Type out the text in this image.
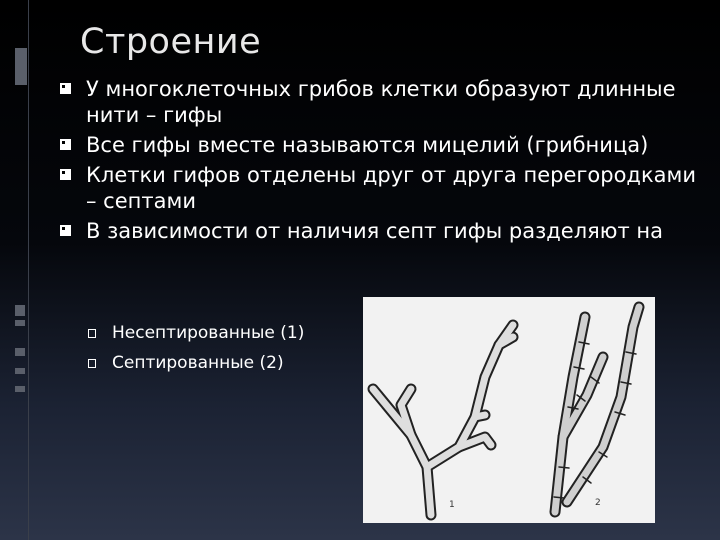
Строение
У многоклеточных грибов клетки образуют длинные нити – гифы
Все гифы вместе называются мицелий (грибница)
Клетки гифов отделены друг от друга перегородками – септами
В зависимости от наличия септ гифы разделяют на
Несептированные (1)
Септированные (2)
1	2
